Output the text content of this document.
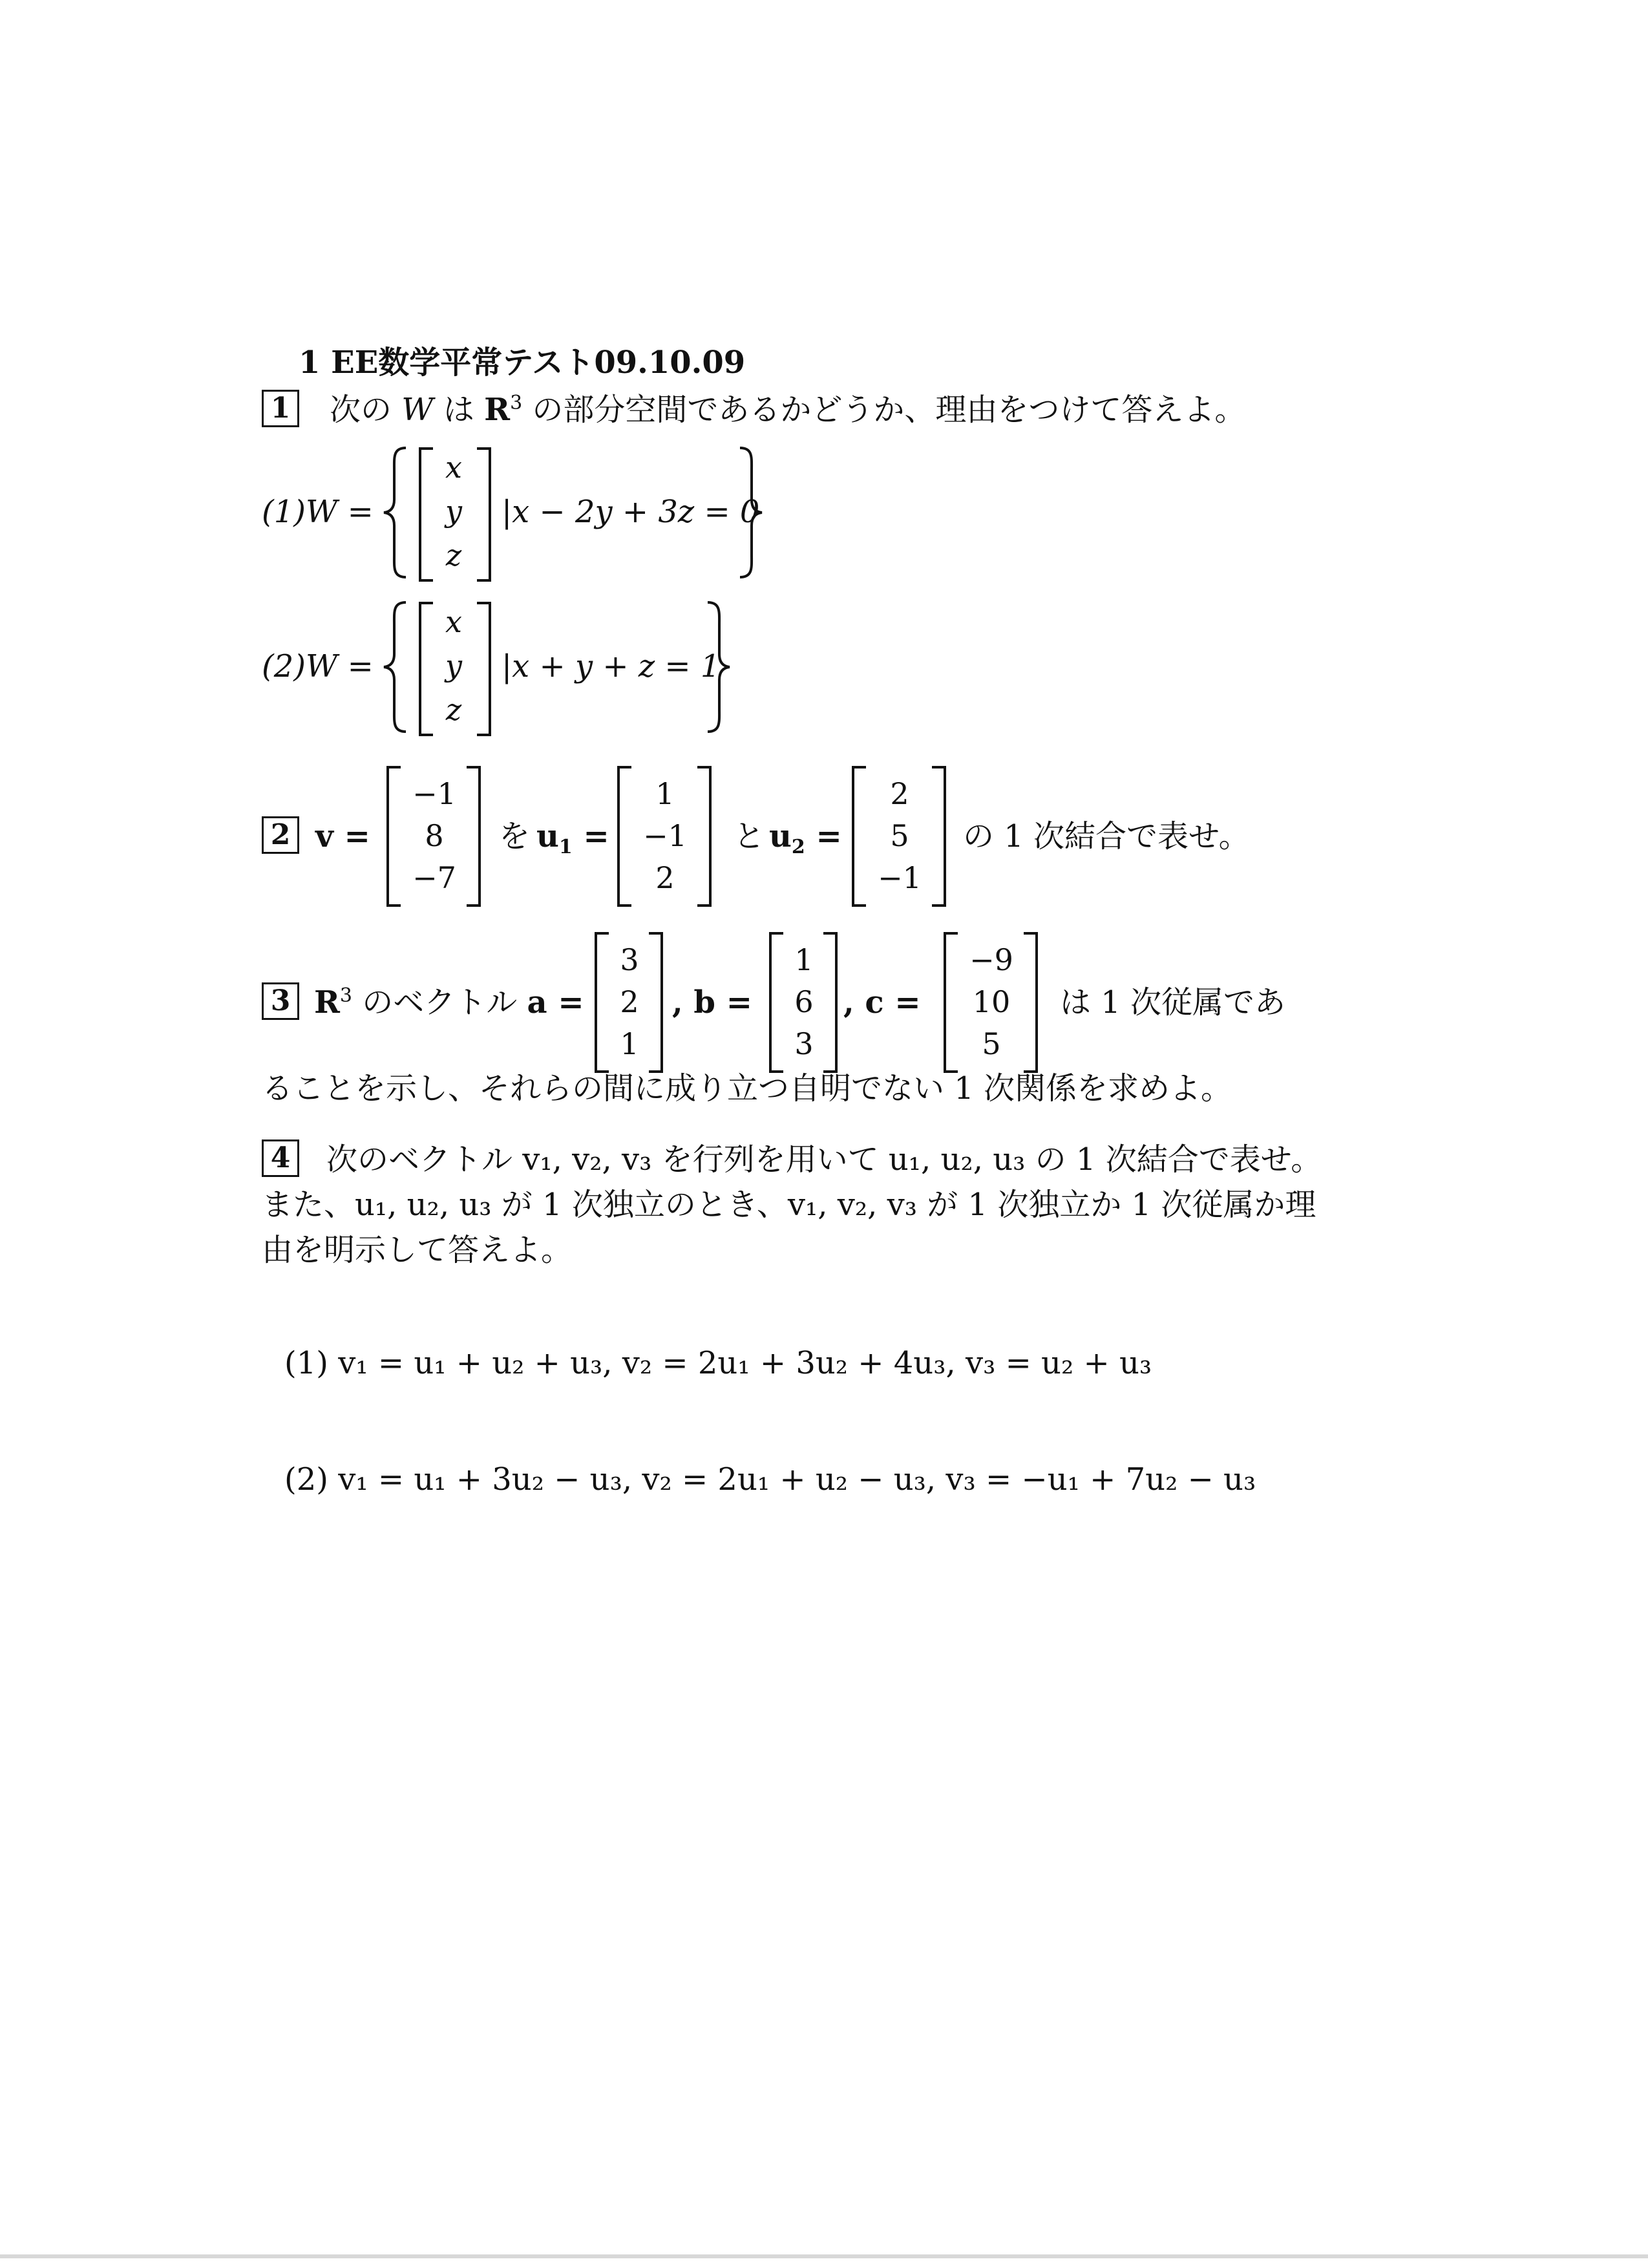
1 EE数学平常テスト09.10.09
1 次の W は $R^3$ の部分空間であるかどうか、理由をつけて答えよ。
(1)W =
x
y
z
|x − 2y + 3z = 0
(2)W =
x
y
z
|x + y + z = 1
2 v =
−1
8
−7
を $u_1$ =
1
−1
2
と $u_2$ =
2
5
−1
の 1 次結合で表せ。
3 $R^3$ のベクトル a =
3
2
1
, b =
1
6
3
, c =
−9
10
5
は 1 次従属であ
ることを示し、それらの間に成り立つ自明でない 1 次関係を求めよ。
4 次のベクトル v₁, v₂, v₃ を行列を用いて u₁, u₂, u₃ の 1 次結合で表せ。
また、u₁, u₂, u₃ が 1 次独立のとき、v₁, v₂, v₃ が 1 次独立か 1 次従属か理
由を明示して答えよ。
(1) v₁ = u₁ + u₂ + u₃, v₂ = 2u₁ + 3u₂ + 4u₃, v₃ = u₂ + u₃
(2) v₁ = u₁ + 3u₂ − u₃, v₂ = 2u₁ + u₂ − u₃, v₃ = −u₁ + 7u₂ − u₃
